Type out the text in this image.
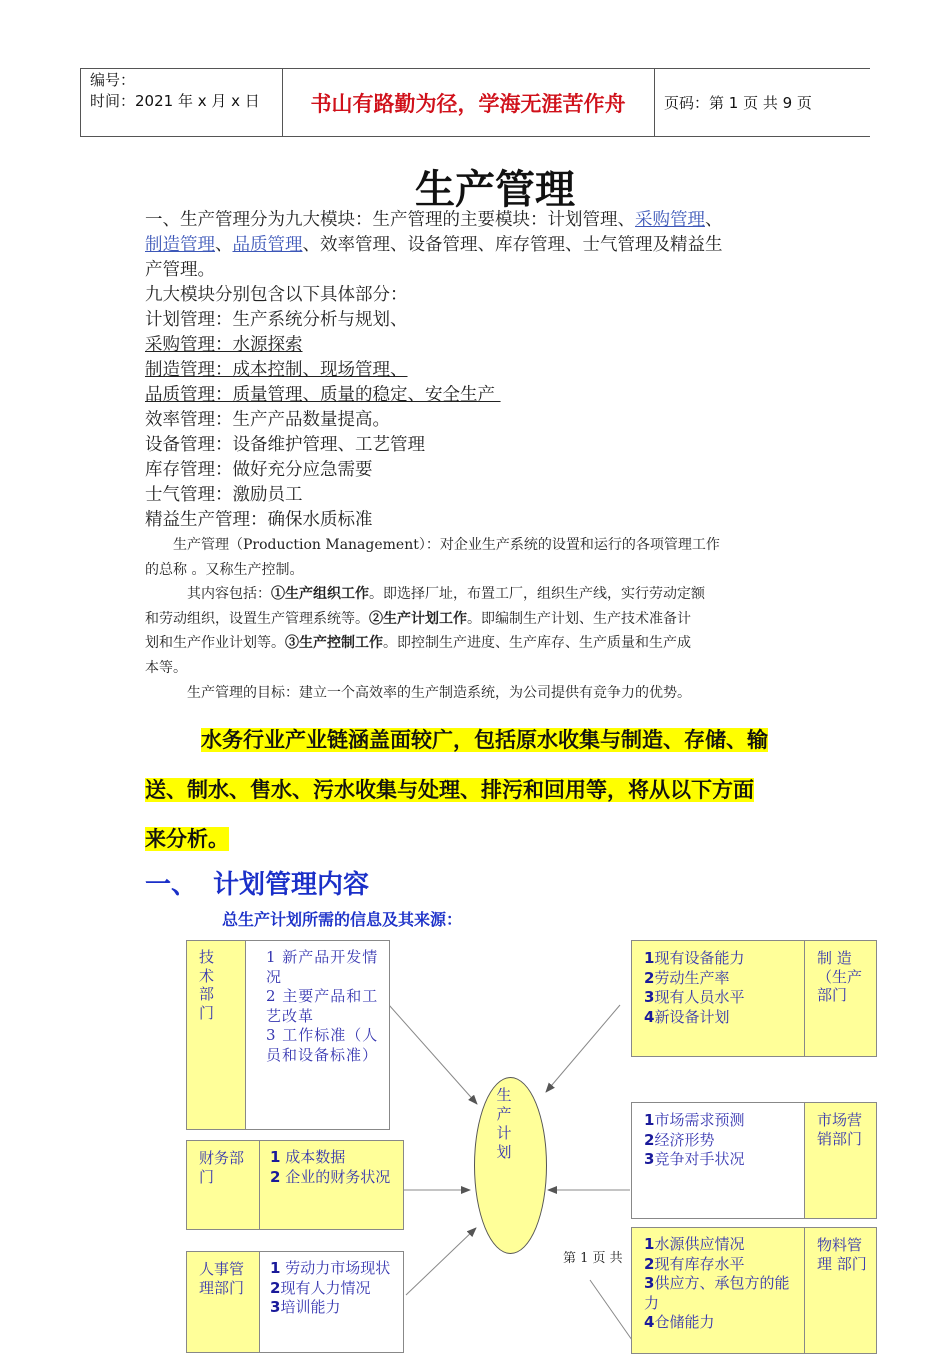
编号：
时间：2021 年 x 月 x 日	书山有路勤为径，学海无涯苦作舟	页码：第 1 页 共 9 页
生产管理

一、生产管理分为九大模块：生产管理的主要模块：计划管理、采购管理、

制造管理、品质管理、效率管理、设备管理、库存管理、士气管理及精益生

产管理。

九大模块分别包含以下具体部分：

计划管理：生产系统分析与规划、

采购管理：水源探索

制造管理：成本控制、现场管理、

品质管理：质量管理、质量的稳定、安全生产

效率管理：生产产品数量提高。

设备管理：设备维护管理、工艺管理

库存管理：做好充分应急需要

士气管理：激励员工

精益生产管理：确保水质标准

生产管理（Production Management）：对企业生产系统的设置和运行的各项管理工作

的总称 。又称生产控制。

其内容包括：①生产组织工作。即选择厂址，布置工厂，组织生产线，实行劳动定额

和劳动组织，设置生产管理系统等。②生产计划工作。即编制生产计划、生产技术准备计

划和生产作业计划等。③生产控制工作。即控制生产进度、生产库存、生产质量和生产成

本等。

生产管理的目标：建立一个高效率的生产制造系统，为公司提供有竞争力的优势。

水务行业产业链涵盖面较广，包括原水收集与制造、存储、输
送、制水、售水、污水收集与处理、排污和回用等，将从以下方面
来分析。
一、 计划管理内容
总生产计划所需的信息及其来源：
技术部门
1 新产品开发情况
2 主要产品和工艺改革
3 工作标准（人员和设备标准）
财务部门
1 成本数据
2 企业的财务状况
人事管理部门
1 劳动力市场现状
2现有人力情况
3培训能力
1现有设备能力
2劳动生产率
3现有人员水平
4新设备计划
制 造（生产部门
1市场需求预测
2经济形势
3竞争对手状况
市场营销部门
1水源供应情况
2现有库存水平
3供应方、承包方的能力
4仓储能力
物料管理 部门
生产计划
第 1 页 共
